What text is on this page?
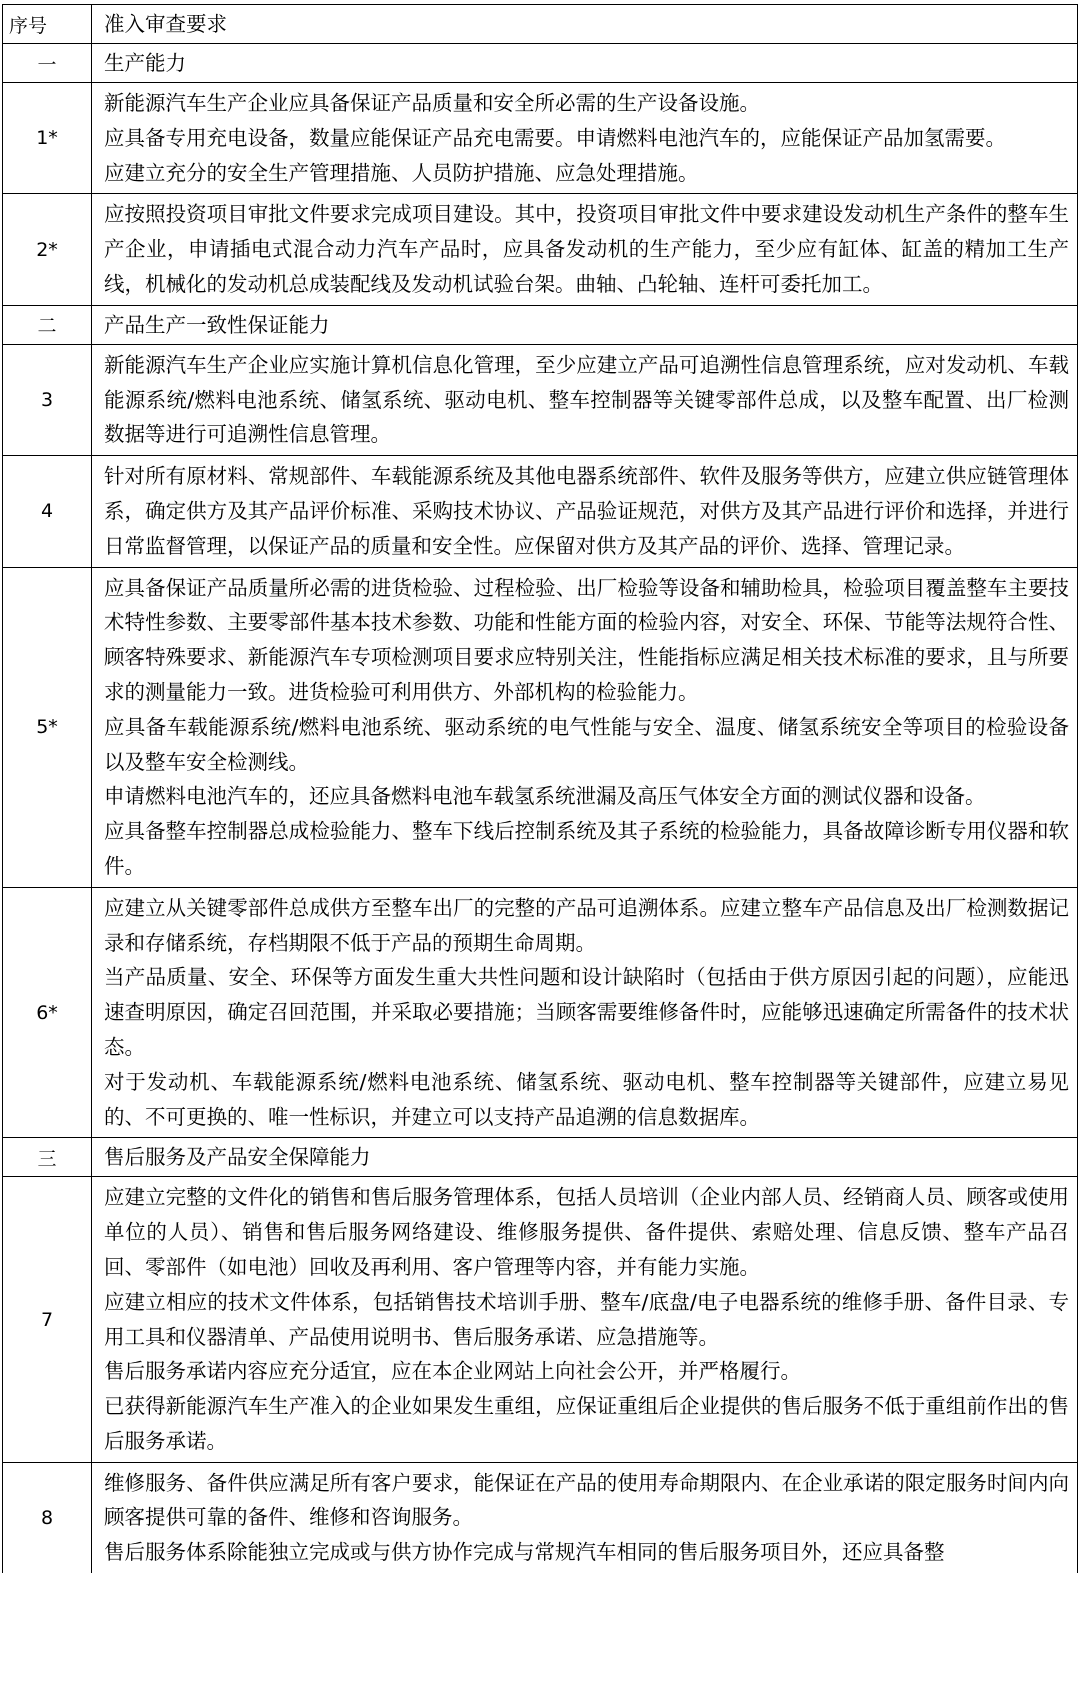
序号	准入审查要求
一	生产能力
1*	新能源汽车生产企业应具备保证产品质量和安全所必需的生产设备设施。

应具备专用充电设备，数量应能保证产品充电需要。申请燃料电池汽车的，应能保证产品加氢需要。

应建立充分的安全生产管理措施、人员防护措施、应急处理措施。

2*	应按照投资项目审批文件要求完成项目建设。其中，投资项目审批文件中要求建设发动机生产条件的整车生产企业，申请插电式混合动力汽车产品时，应具备发动机的生产能力，至少应有缸体、缸盖的精加工生产线，机械化的发动机总成装配线及发动机试验台架。曲轴、凸轮轴、连杆可委托加工。

二	产品生产一致性保证能力
3	新能源汽车生产企业应实施计算机信息化管理，至少应建立产品可追溯性信息管理系统，应对发动机、车载能源系统/燃料电池系统、储氢系统、驱动电机、整车控制器等关键零部件总成，以及整车配置、出厂检测数据等进行可追溯性信息管理。

4	针对所有原材料、常规部件、车载能源系统及其他电器系统部件、软件及服务等供方，应建立供应链管理体系，确定供方及其产品评价标准、采购技术协议、产品验证规范，对供方及其产品进行评价和选择，并进行日常监督管理，以保证产品的质量和安全性。应保留对供方及其产品的评价、选择、管理记录。

5*	应具备保证产品质量所必需的进货检验、过程检验、出厂检验等设备和辅助检具，检验项目覆盖整车主要技术特性参数、主要零部件基本技术参数、功能和性能方面的检验内容，对安全、环保、节能等法规符合性、顾客特殊要求、新能源汽车专项检测项目要求应特别关注，性能指标应满足相关技术标准的要求，且与所要求的测量能力一致。进货检验可利用供方、外部机构的检验能力。

应具备车载能源系统/燃料电池系统、驱动系统的电气性能与安全、温度、储氢系统安全等项目的检验设备以及整车安全检测线。

申请燃料电池汽车的，还应具备燃料电池车载氢系统泄漏及高压气体安全方面的测试仪器和设备。

应具备整车控制器总成检验能力、整车下线后控制系统及其子系统的检验能力，具备故障诊断专用仪器和软件。

6*	应建立从关键零部件总成供方至整车出厂的完整的产品可追溯体系。应建立整车产品信息及出厂检测数据记录和存储系统，存档期限不低于产品的预期生命周期。

当产品质量、安全、环保等方面发生重大共性问题和设计缺陷时（包括由于供方原因引起的问题），应能迅速查明原因，确定召回范围，并采取必要措施；当顾客需要维修备件时，应能够迅速确定所需备件的技术状态。

对于发动机、车载能源系统/燃料电池系统、储氢系统、驱动电机、整车控制器等关键部件，应建立易见的、不可更换的、唯一性标识，并建立可以支持产品追溯的信息数据库。

三	售后服务及产品安全保障能力
7	应建立完整的文件化的销售和售后服务管理体系，包括人员培训（企业内部人员、经销商人员、顾客或使用单位的人员）、销售和售后服务网络建设、维修服务提供、备件提供、索赔处理、信息反馈、整车产品召回、零部件（如电池）回收及再利用、客户管理等内容，并有能力实施。

应建立相应的技术文件体系，包括销售技术培训手册、整车/底盘/电子电器系统的维修手册、备件目录、专用工具和仪器清单、产品使用说明书、售后服务承诺、应急措施等。

售后服务承诺内容应充分适宜，应在本企业网站上向社会公开，并严格履行。

已获得新能源汽车生产准入的企业如果发生重组，应保证重组后企业提供的售后服务不低于重组前作出的售后服务承诺。

8	维修服务、备件供应满足所有客户要求，能保证在产品的使用寿命期限内、在企业承诺的限定服务时间内向顾客提供可靠的备件、维修和咨询服务。

售后服务体系除能独立完成或与供方协作完成与常规汽车相同的售后服务项目外，还应具备整
